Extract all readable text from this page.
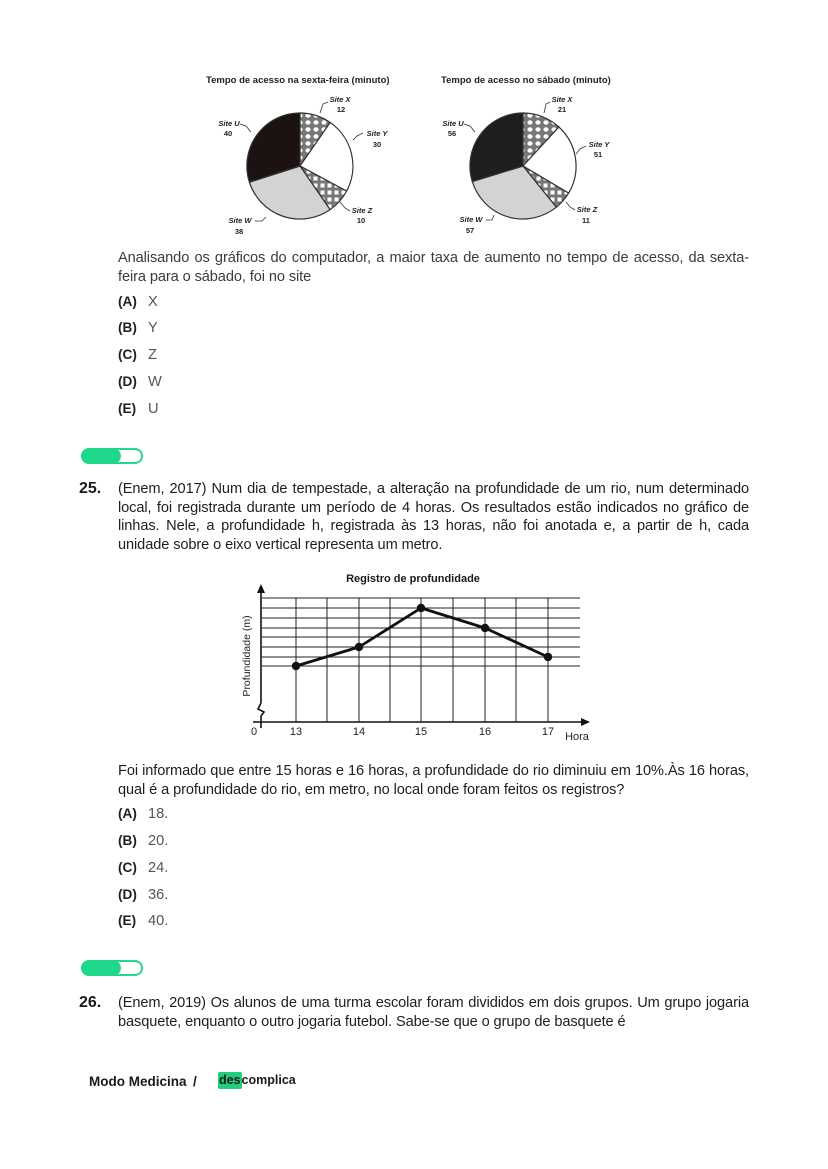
Tempo de acesso na sexta-feira (minuto)
Site X
12
Site Y
30
Site Z
10
Site W
38
Site U
40
Tempo de acesso no sábado (minuto)
Site X
21
Site Y
51
Site Z
11
Site W
57
Site U
56
Analisando os gráficos do computador, a maior taxa de aumento no tempo de acesso, da sexta-feira para o sábado, foi no site
(A) X
(B) Y
(C) Z
(D) W
(E) U
25. (Enem, 2017) Num dia de tempestade, a alteração na profundidade de um rio, num determinado local, foi registrada durante um período de 4 horas. Os resultados estão indicados no gráfico de linhas. Nele, a profundidade h, registrada às 13 horas, não foi anotada e, a partir de h, cada unidade sobre o eixo vertical representa um metro.
Registro de profundidade
0	13	14	15	16	17 Hora
Profundidade (m)
Foi informado que entre 15 horas e 16 horas, a profundidade do rio diminuiu em 10%.Às 16 horas, qual é a profundidade do rio, em metro, no local onde foram feitos os registros?
(A) 18.
(B) 20.
(C) 24.
(D) 36.
(E) 40.
26. (Enem, 2019) Os alunos de uma turma escolar foram divididos em dois grupos. Um grupo jogaria basquete, enquanto o outro jogaria futebol. Sabe-se que o grupo de basquete é
Modo Medicina / descomplica
